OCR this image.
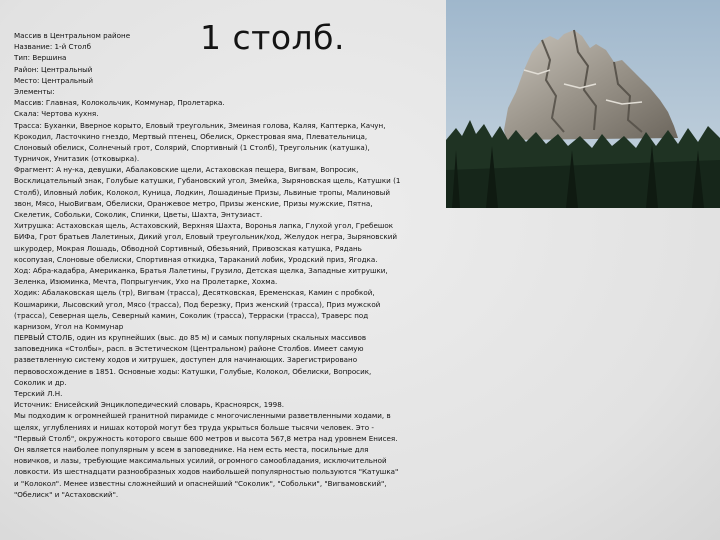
1 столб.
Массив в Центральном районе
Название: 1-й Столб
Тип: Вершина
Район: Центральный
Место: Центральный
Элементы:
Массив: Главная, Колокольчик, Коммунар, Пролетарка.
Скала: Чертова кухня.
Трасса: Буханки, Вверное корыто, Еловый треугольник, Змеиная голова, Каляя, Каптерка, Качун,
Крокодил, Ласточкино гнездо, Мертвый птенец, Обелиск, Оркестровая яма, Плевательница,
Слоновый обелиск, Солнечный грот, Солярий, Спортивный (1 Столб), Треугольник (катушка),
Турничок, Унитазик (отковырка).
Фрагмент: А ну-ка, девушки, Абалаковские щели, Астаховская пещера, Вигвам, Вопросик,
Восклицательный знак, Голубые катушки, Губановский угол, Змейка, Зыряновская щель, Катушки (1
Столб), Иловный лобик, Колокол, Куница, Лодкин, Лошадиные Призы, Львиные тропы, Малиновый
звон, Мясо, НыоВигвам, Обелиски, Оранжевое метро, Призы женские, Призы мужские, Пятна,
Скелетик, Собольки, Соколик, Спинки, Цветы, Шахта, Энтузиаст.
Хитрушка: Астаховская щель, Астаховский, Верхняя Шахта, Воронья лапка, Глухой угол, Гребешок
БИФа, Грот братьев Лалетиных, Дикий угол, Еловый треугольник/ход, Желудок негра, Зыряновский
шкуродер, Мокрая Лошадь, Обводной Сортивный, Обезьяний, Привозская катушка, Рядань
косопузая, Слоновые обелиски, Спортивная откидка, Тараканий лобик, Уродский приз, Ягодка.
Ход: Абра-кадабра, Американка, Братья Лалетины, Грузило, Детская щелка, Западные хитрушки,
Зеленка, Изюминка, Мечта, Попрыгунчик, Ухо на Пролетарке, Хохма.
Ходик: Абалаковская щель (тр), Вигвам (трасса), Десятковская, Еременская, Камин с пробкой,
Кошмарики, Лысовский угол, Мясо (трасса), Под березку, Приз женский (трасса), Приз мужской
(трасса), Северная щель, Северный камин, Соколик (трасса), Терраски (трасса), Траверс под
карнизом, Угол на Коммунар
ПЕРВЫЙ СТОЛБ, один из крупнейших (выс. до 85 м) и самых популярных скальных массивов
заповедника «Столбы», расп. в Эстетическом (Центральном) районе Столбов. Имеет самую
разветвленную систему ходов и хитрушек, доступен для начинающих. Зарегистрировано
первовосхождение в 1851. Основные ходы: Катушки, Голубые, Колокол, Обелиски, Вопросик,
Соколик и др.
Терский Л.Н.
Источник: Енисейский Энциклопедический словарь, Красноярск, 1998.
Мы подходим к огромнейшей гранитной пирамиде с многочисленными разветвленными ходами, в
щелях, углублениях и нишах которой могут без труда укрыться больше тысячи человек. Это -
"Первый Столб", окружность которого свыше 600 метров и высота 567,8 метра над уровнем Енисея.
Он является наиболее популярным у всем в заповеднике. На нем есть места, посильные для
новичков, и лазы, требующие максимальных усилий, огромного самообладания, исключительной
ловкости. Из шестнадцати разнообразных ходов наибольшей популярностью пользуются "Катушка"
и "Колокол". Менее известны сложнейший и опаснейший "Соколик", "Собольки", "Вигвамовский",
"Обелиск" и "Астаховский".
